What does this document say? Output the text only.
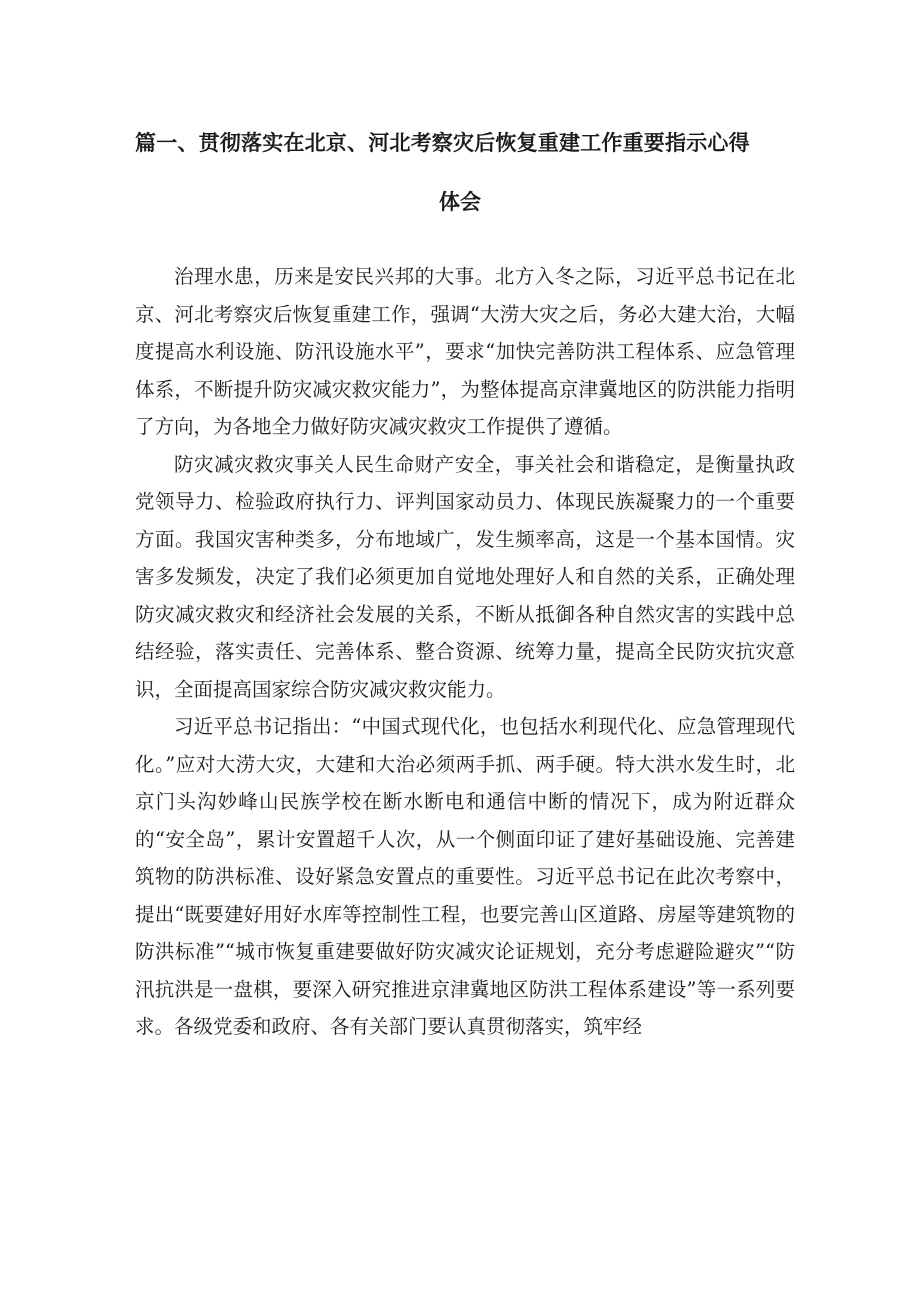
篇一、贯彻落实在北京、河北考察灾后恢复重建工作重要指示心得
体会

治理水患，历来是安民兴邦的大事。北方入冬之际，习近平总书记在北京、河北考察灾后恢复重建工作，强调“大涝大灾之后，务必大建大治，大幅度提高水利设施、防汛设施水平”，要求“加快完善防洪工程体系、应急管理体系，不断提升防灾减灾救灾能力”，为整体提高京津冀地区的防洪能力指明了方向，为各地全力做好防灾减灾救灾工作提供了遵循。

防灾减灾救灾事关人民生命财产安全，事关社会和谐稳定，是衡量执政党领导力、检验政府执行力、评判国家动员力、体现民族凝聚力的一个重要方面。我国灾害种类多，分布地域广，发生频率高，这是一个基本国情。灾害多发频发，决定了我们必须更加自觉地处理好人和自然的关系，正确处理防灾减灾救灾和经济社会发展的关系，不断从抵御各种自然灾害的实践中总结经验，落实责任、完善体系、整合资源、统筹力量，提高全民防灾抗灾意识，全面提高国家综合防灾减灾救灾能力。

习近平总书记指出：“中国式现代化，也包括水利现代化、应急管理现代化。”应对大涝大灾，大建和大治必须两手抓、两手硬。特大洪水发生时，北京门头沟妙峰山民族学校在断水断电和通信中断的情况下，成为附近群众的“安全岛”，累计安置超千人次，从一个侧面印证了建好基础设施、完善建筑物的防洪标准、设好紧急安置点的重要性。习近平总书记在此次考察中，提出“既要建好用好水库等控制性工程，也要完善山区道路、房屋等建筑物的防洪标准”“城市恢复重建要做好防灾减灾论证规划，充分考虑避险避灾”“防汛抗洪是一盘棋，要深入研究推进京津冀地区防洪工程体系建设”等一系列要求。各级党委和政府、各有关部门要认真贯彻落实，筑牢经
